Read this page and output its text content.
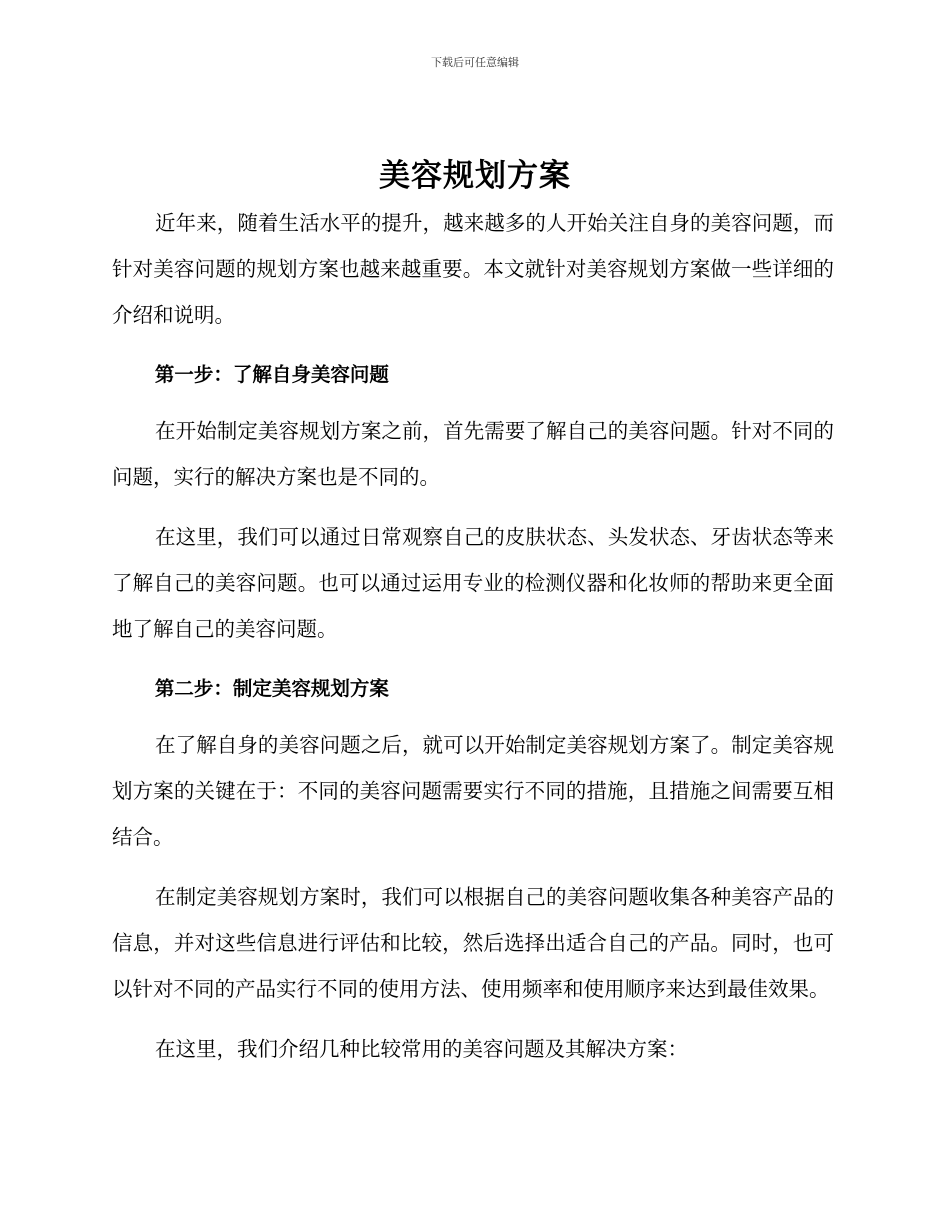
下载后可任意编辑
美容规划方案

近年来，随着生活水平的提升，越来越多的人开始关注自身的美容问题，而针对美容问题的规划方案也越来越重要。本文就针对美容规划方案做一些详细的介绍和说明。

第一步：了解自身美容问题

在开始制定美容规划方案之前，首先需要了解自己的美容问题。针对不同的问题，实行的解决方案也是不同的。

在这里，我们可以通过日常观察自己的皮肤状态、头发状态、牙齿状态等来了解自己的美容问题。也可以通过运用专业的检测仪器和化妆师的帮助来更全面地了解自己的美容问题。

第二步：制定美容规划方案

在了解自身的美容问题之后，就可以开始制定美容规划方案了。制定美容规划方案的关键在于：不同的美容问题需要实行不同的措施，且措施之间需要互相结合。

在制定美容规划方案时，我们可以根据自己的美容问题收集各种美容产品的信息，并对这些信息进行评估和比较，然后选择出适合自己的产品。同时，也可以针对不同的产品实行不同的使用方法、使用频率和使用顺序来达到最佳效果。

在这里，我们介绍几种比较常用的美容问题及其解决方案：
